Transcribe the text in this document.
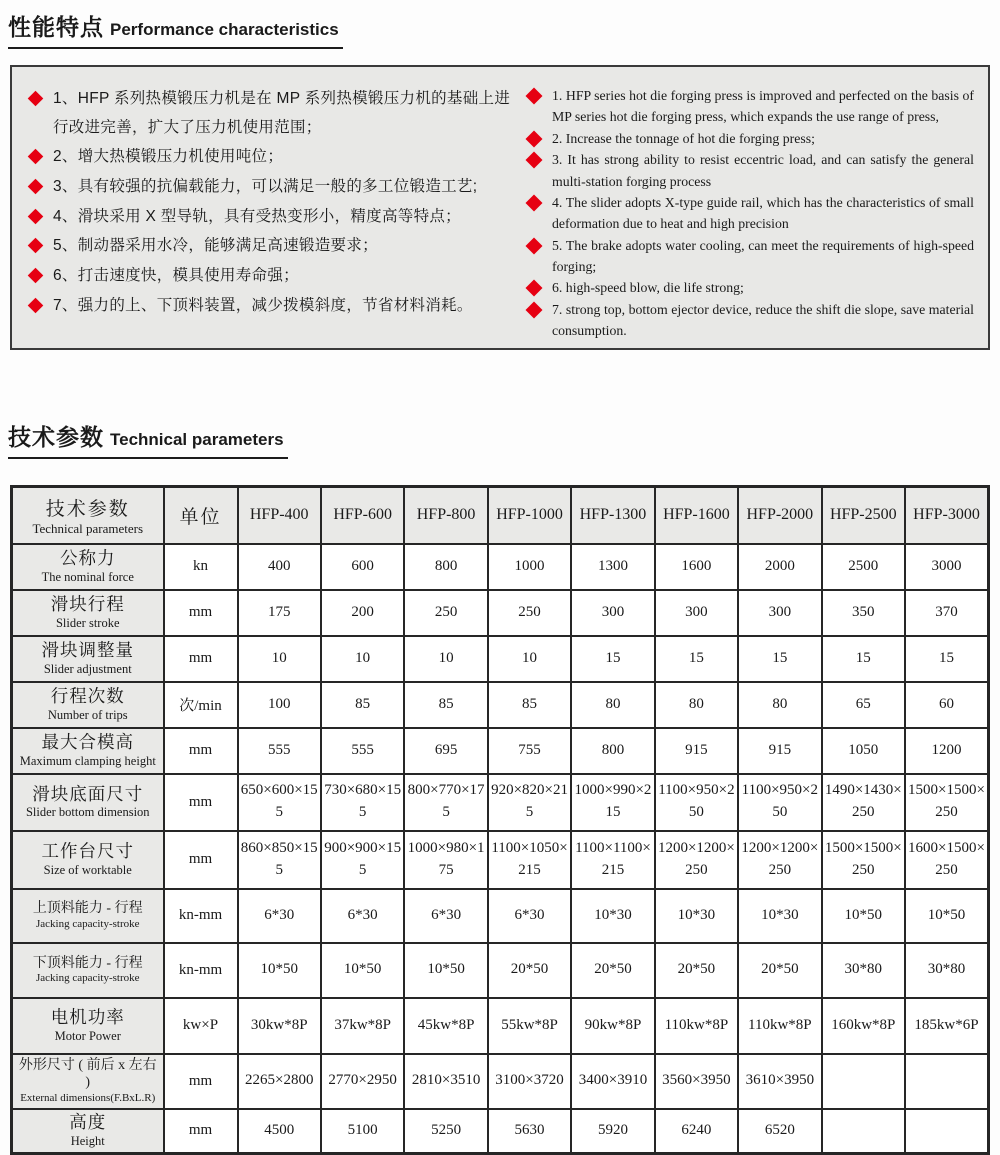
性能特点 Performance characteristics
1、HFP 系列热模锻压力机是在 MP 系列热模锻压力机的基础上进行改进完善，扩大了压力机使用范围；
2、增大热模锻压力机使用吨位；
3、具有较强的抗偏载能力，可以满足一般的多工位锻造工艺;
4、滑块采用 X 型导轨，具有受热变形小，精度高等特点；
5、制动器采用水冷，能够满足高速锻造要求；
6、打击速度快，模具使用寿命强；
7、强力的上、下顶料装置，减少拨模斜度，节省材料消耗。
1. HFP series hot die forging press is improved and perfected on the basis of MP series hot die forging press, which expands the use range of press,
2. Increase the tonnage of hot die forging press;
3. It has strong ability to resist eccentric load, and can satisfy the general multi-station forging process
4. The slider adopts X-type guide rail, which has the characteristics of small deformation due to heat and high precision
5. The brake adopts water cooling, can meet the requirements of high-speed forging;
6. high-speed blow, die life strong;
7. strong top, bottom ejector device, reduce the shift die slope, save material consumption.

技术参数 Technical parameters
技术参数
Technical parameters	单位	HFP-400	HFP-600	HFP-800	HFP-1000	HFP-1300	HFP-1600	HFP-2000	HFP-2500	HFP-3000

公称力
The nominal force	kn	400	600	800	1000	1300	1600	2000	2500	3000

滑块行程
Slider stroke	mm	175	200	250	250	300	300	300	350	370

滑块调整量
Slider adjustment	mm	10	10	10	10	15	15	15	15	15

行程次数
Number of trips	次/min	100	85	85	85	80	80	80	65	60

最大合模高
Maximum clamping height	mm	555	555	695	755	800	915	915	1050	1200

滑块底面尺寸
Slider bottom dimension	mm	650×600×155	730×680×155	800×770×175	920×820×215	1000×990×215	1100×950×250	1100×950×250	1490×1430×250	1500×1500×250

工作台尺寸
Size of worktable	mm	860×850×155	900×900×155	1000×980×175	1100×1050×215	1100×1100×215	1200×1200×250	1200×1200×250	1500×1500×250	1600×1500×250

上顶料能力 - 行程
Jacking capacity-stroke	kn-mm	6*30	6*30	6*30	6*30	10*30	10*30	10*30	10*50	10*50

下顶料能力 - 行程
Jacking capacity-stroke	kn-mm	10*50	10*50	10*50	20*50	20*50	20*50	20*50	30*80	30*80

电机功率
Motor Power	kw×P	30kw*8P	37kw*8P	45kw*8P	55kw*8P	90kw*8P	110kw*8P	110kw*8P	160kw*8P	185kw*6P

外形尺寸 ( 前后 x 左右 )
External dimensions(F.BxL.R)	mm	2265×2800	2770×2950	2810×3510	3100×3720	3400×3910	3560×3950	3610×3950		

高度
Height	mm	4500	5100	5250	5630	5920	6240	6520		
